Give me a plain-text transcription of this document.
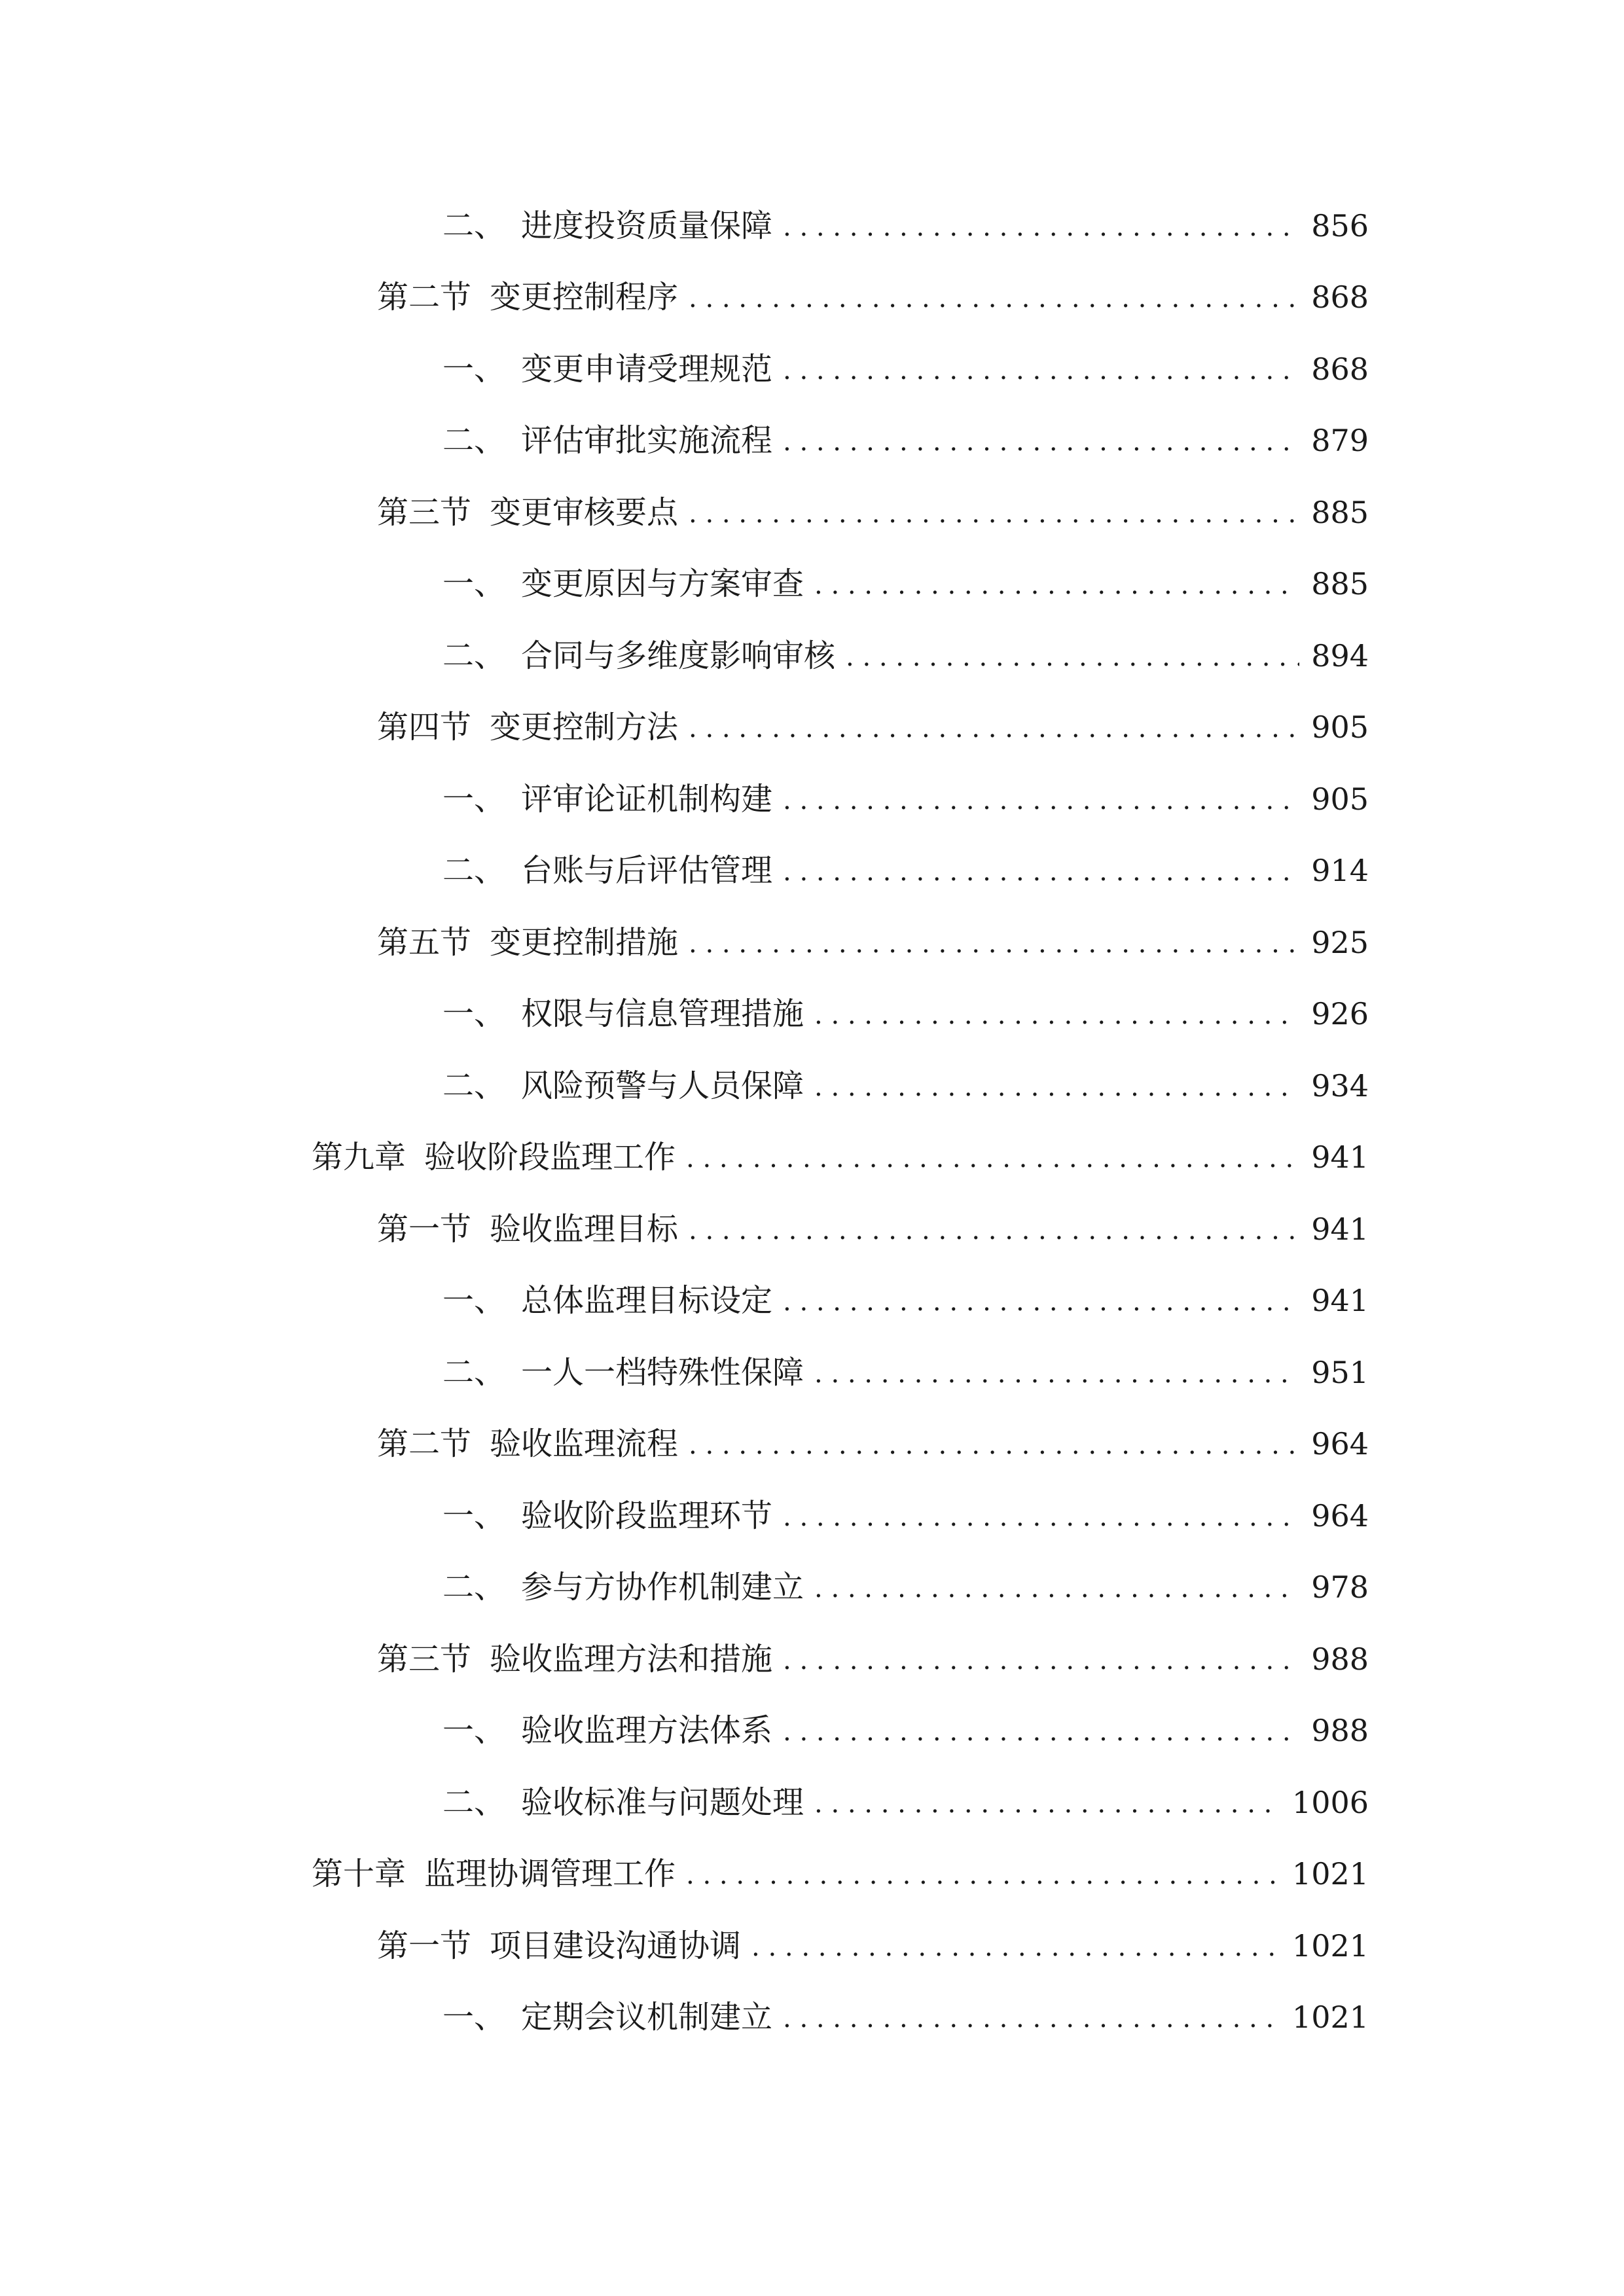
二、 进度投资质量保障 . . .	856
第二节 变更控制程序 . . .	868
一、 变更申请受理规范 . . .	868
二、 评估审批实施流程 . . .	879
第三节 变更审核要点 . . .	885
一、 变更原因与方案审查 . . .	885
二、 合同与多维度影响审核 . . .	894
第四节 变更控制方法 . . .	905
一、 评审论证机制构建 . . .	905
二、 台账与后评估管理 . . .	914
第五节 变更控制措施 . . .	925
一、 权限与信息管理措施 . . .	926
二、 风险预警与人员保障 . . .	934
第九章 验收阶段监理工作 . . .	941
第一节 验收监理目标 . . .	941
一、 总体监理目标设定 . . .	941
二、 一人一档特殊性保障 . . .	951
第二节 验收监理流程 . . .	964
一、 验收阶段监理环节 . . .	964
二、 参与方协作机制建立 . . .	978
第三节 验收监理方法和措施 . . .	988
一、 验收监理方法体系 . . .	988
二、 验收标准与问题处理 . . .	1006
第十章 监理协调管理工作 . . .	1021
第一节 项目建设沟通协调 . . .	1021
一、 定期会议机制建立 . . .	1021
